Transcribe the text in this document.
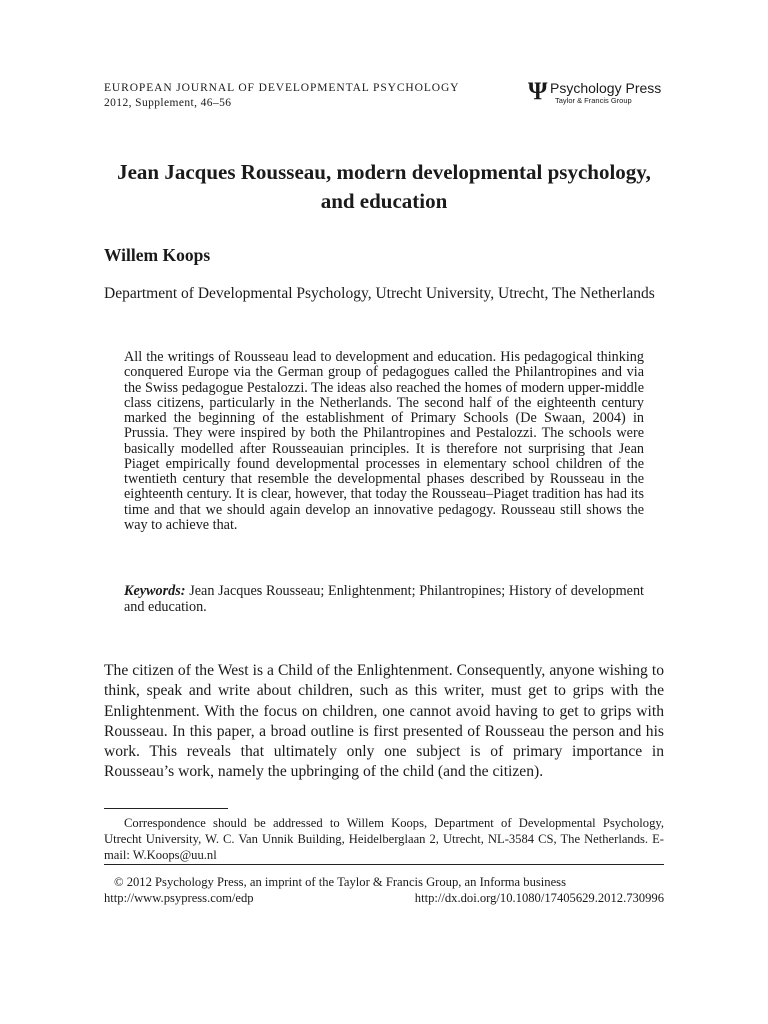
EUROPEAN JOURNAL OF DEVELOPMENTAL PSYCHOLOGY
2012, Supplement, 46–56	Ψ Psychology Press
Taylor & Francis Group
Jean Jacques Rousseau, modern developmental psychology, and education
Willem Koops
Department of Developmental Psychology, Utrecht University, Utrecht, The Netherlands
All the writings of Rousseau lead to development and education. His pedagogical thinking conquered Europe via the German group of pedagogues called the Philantropines and via the Swiss pedagogue Pestalozzi. The ideas also reached the homes of modern upper-middle class citizens, particularly in the Netherlands. The second half of the eighteenth century marked the beginning of the establishment of Primary Schools (De Swaan, 2004) in Prussia. They were inspired by both the Philantropines and Pestalozzi. The schools were basically modelled after Rousseauian principles. It is therefore not surprising that Jean Piaget empirically found developmental processes in elementary school children of the twentieth century that resemble the developmental phases described by Rousseau in the eighteenth century. It is clear, however, that today the Rousseau–Piaget tradition has had its time and that we should again develop an innovative pedagogy. Rousseau still shows the way to achieve that.
Keywords: Jean Jacques Rousseau; Enlightenment; Philantropines; History of development and education.
The citizen of the West is a Child of the Enlightenment. Consequently, anyone wishing to think, speak and write about children, such as this writer, must get to grips with the Enlightenment. With the focus on children, one cannot avoid having to get to grips with Rousseau. In this paper, a broad outline is first presented of Rousseau the person and his work. This reveals that ultimately only one subject is of primary importance in Rousseau’s work, namely the upbringing of the child (and the citizen).
Correspondence should be addressed to Willem Koops, Department of Developmental Psychology, Utrecht University, W. C. Van Unnik Building, Heidelberglaan 2, Utrecht, NL-3584 CS, The Netherlands. E-mail: W.Koops@uu.nl
© 2012 Psychology Press, an imprint of the Taylor & Francis Group, an Informa business
http://www.psypress.com/edp	http://dx.doi.org/10.1080/17405629.2012.730996
